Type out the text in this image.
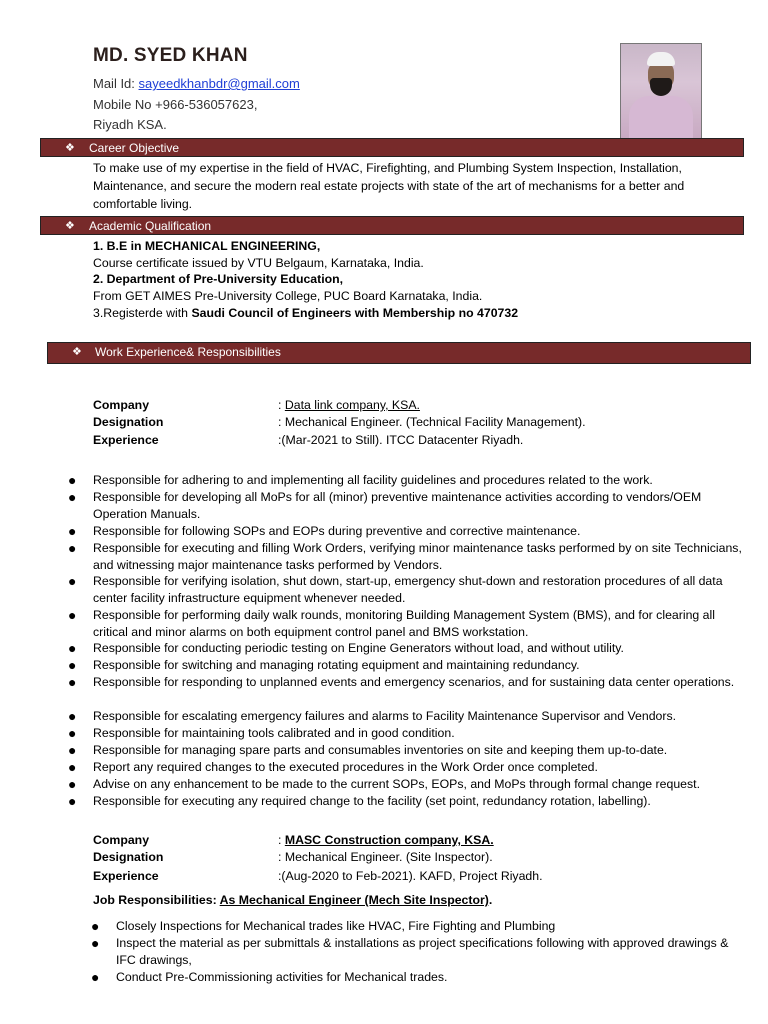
MD. SYED KHAN
Mail Id: sayeedkhanbdr@gmail.com
Mobile No +966-536057623,
Riyadh KSA.
❖ Career Objective
To make use of my expertise in the field of HVAC, Firefighting, and Plumbing System Inspection, Installation, Maintenance, and secure the modern real estate projects with state of the art of mechanisms for a better and comfortable living.
❖ Academic Qualification
1. B.E in MECHANICAL ENGINEERING,
Course certificate issued by VTU Belgaum, Karnataka, India.
2. Department of Pre-University Education,
From GET AIMES Pre-University College, PUC Board Karnataka, India.
3.Registerde with Saudi Council of Engineers with Membership no 470732
❖ Work Experience& Responsibilities
Company	: Data link company, KSA.
Designation	: Mechanical Engineer. (Technical Facility Management).
Experience	:(Mar-2021 to Still). ITCC Datacenter Riyadh.
● Responsible for adhering to and implementing all facility guidelines and procedures related to the work.
● Responsible for developing all MoPs for all (minor) preventive maintenance activities according to vendors/OEM Operation Manuals.
● Responsible for following SOPs and EOPs during preventive and corrective maintenance.
● Responsible for executing and filling Work Orders, verifying minor maintenance tasks performed by on site Technicians, and witnessing major maintenance tasks performed by Vendors.
● Responsible for verifying isolation, shut down, start-up, emergency shut-down and restoration procedures of all data center facility infrastructure equipment whenever needed.
● Responsible for performing daily walk rounds, monitoring Building Management System (BMS), and for clearing all critical and minor alarms on both equipment control panel and BMS workstation.
● Responsible for conducting periodic testing on Engine Generators without load, and without utility.
● Responsible for switching and managing rotating equipment and maintaining redundancy.
● Responsible for responding to unplanned events and emergency scenarios, and for sustaining data center operations.
● Responsible for escalating emergency failures and alarms to Facility Maintenance Supervisor and Vendors.
● Responsible for maintaining tools calibrated and in good condition.
● Responsible for managing spare parts and consumables inventories on site and keeping them up-to-date.
● Report any required changes to the executed procedures in the Work Order once completed.
● Advise on any enhancement to be made to the current SOPs, EOPs, and MoPs through formal change request.
● Responsible for executing any required change to the facility (set point, redundancy rotation, labelling).
Company	: MASC Construction company, KSA.
Designation	: Mechanical Engineer. (Site Inspector).
Experience	:(Aug-2020 to Feb-2021). KAFD, Project Riyadh.
Job Responsibilities: As Mechanical Engineer (Mech Site Inspector).
● Closely Inspections for Mechanical trades like HVAC, Fire Fighting and Plumbing
● Inspect the material as per submittals & installations as project specifications following with approved drawings & IFC drawings,
● Conduct Pre-Commissioning activities for Mechanical trades.
